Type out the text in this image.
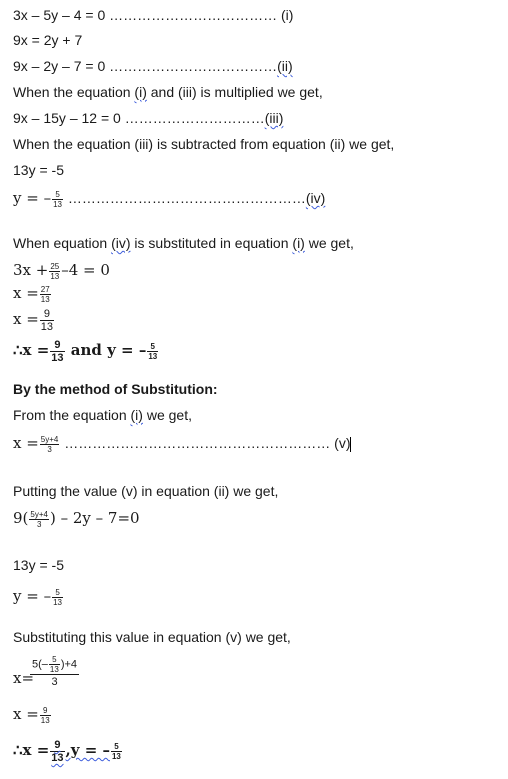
3x – 5y – 4 = 0 ……………………………… (i)
9x = 2y + 7
9x – 2y – 7 = 0 ………………………………(ii)
When the equation (i) and (iii) is multiplied we get,
9x – 15y – 12 = 0 …………………………(iii)
When the equation (iii) is subtracted from equation (ii) we get,
13y = -5
y = – $\frac{5}{13}$ ……………………………………………(iv)
When equation (iv) is substituted in equation (i) we get,
$3x + \frac{25}{13} -4 = 0$
$x = \frac{27}{13}$
$x = \frac{9}{13}$
∴x = $\frac{9}{13}$ and y = – $\frac{5}{13}$
By the method of Substitution:
From the equation (i) we get,
$x = \frac{5y+4}{3}$ ………………………………………………… (v)
Putting the value (v) in equation (ii) we get,
$9( \frac{5y+4}{3}$ ) – 2y – 7=0
13y = -5
y = – $\frac{5}{13}$
Substituting this value in equation (v) we get,
x=
$\frac{5(- \frac{5}{13} )+4}{3}$
$x = \frac{9}{13}$
∴x = $\frac{9}{13} ,y$ = – $\frac{5}{13}$
